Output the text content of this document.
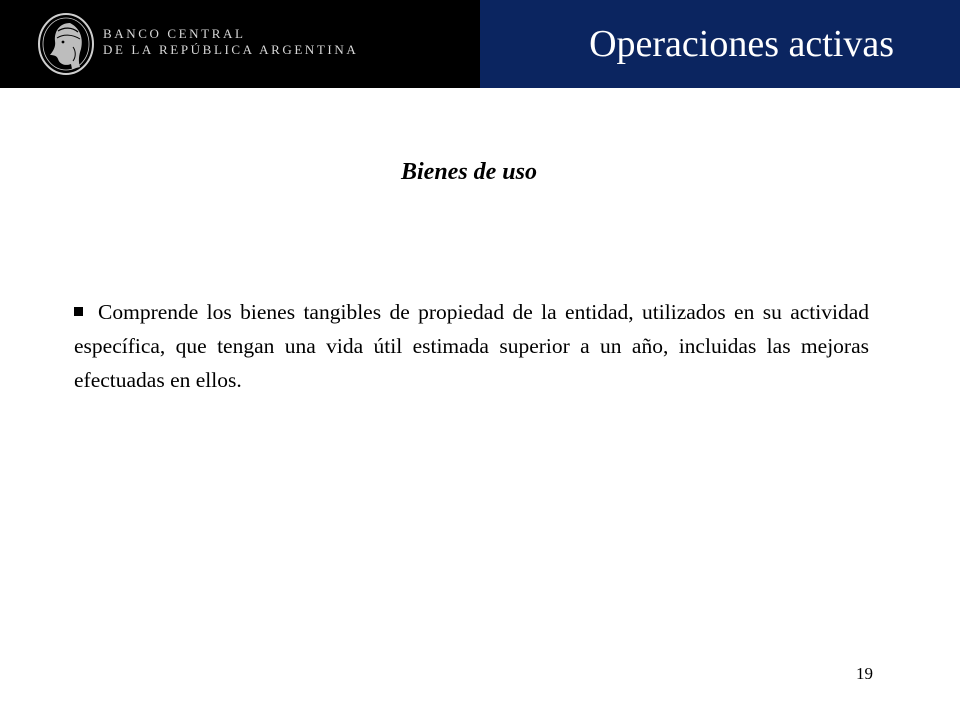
BANCO CENTRAL
DE LA REPÚBLICA ARGENTINA	Operaciones activas
Bienes de uso
Comprende los bienes tangibles de propiedad de la entidad, utilizados en su actividad específica, que tengan una vida útil estimada superior a un año, incluidas las mejoras efectuadas en ellos.
19
